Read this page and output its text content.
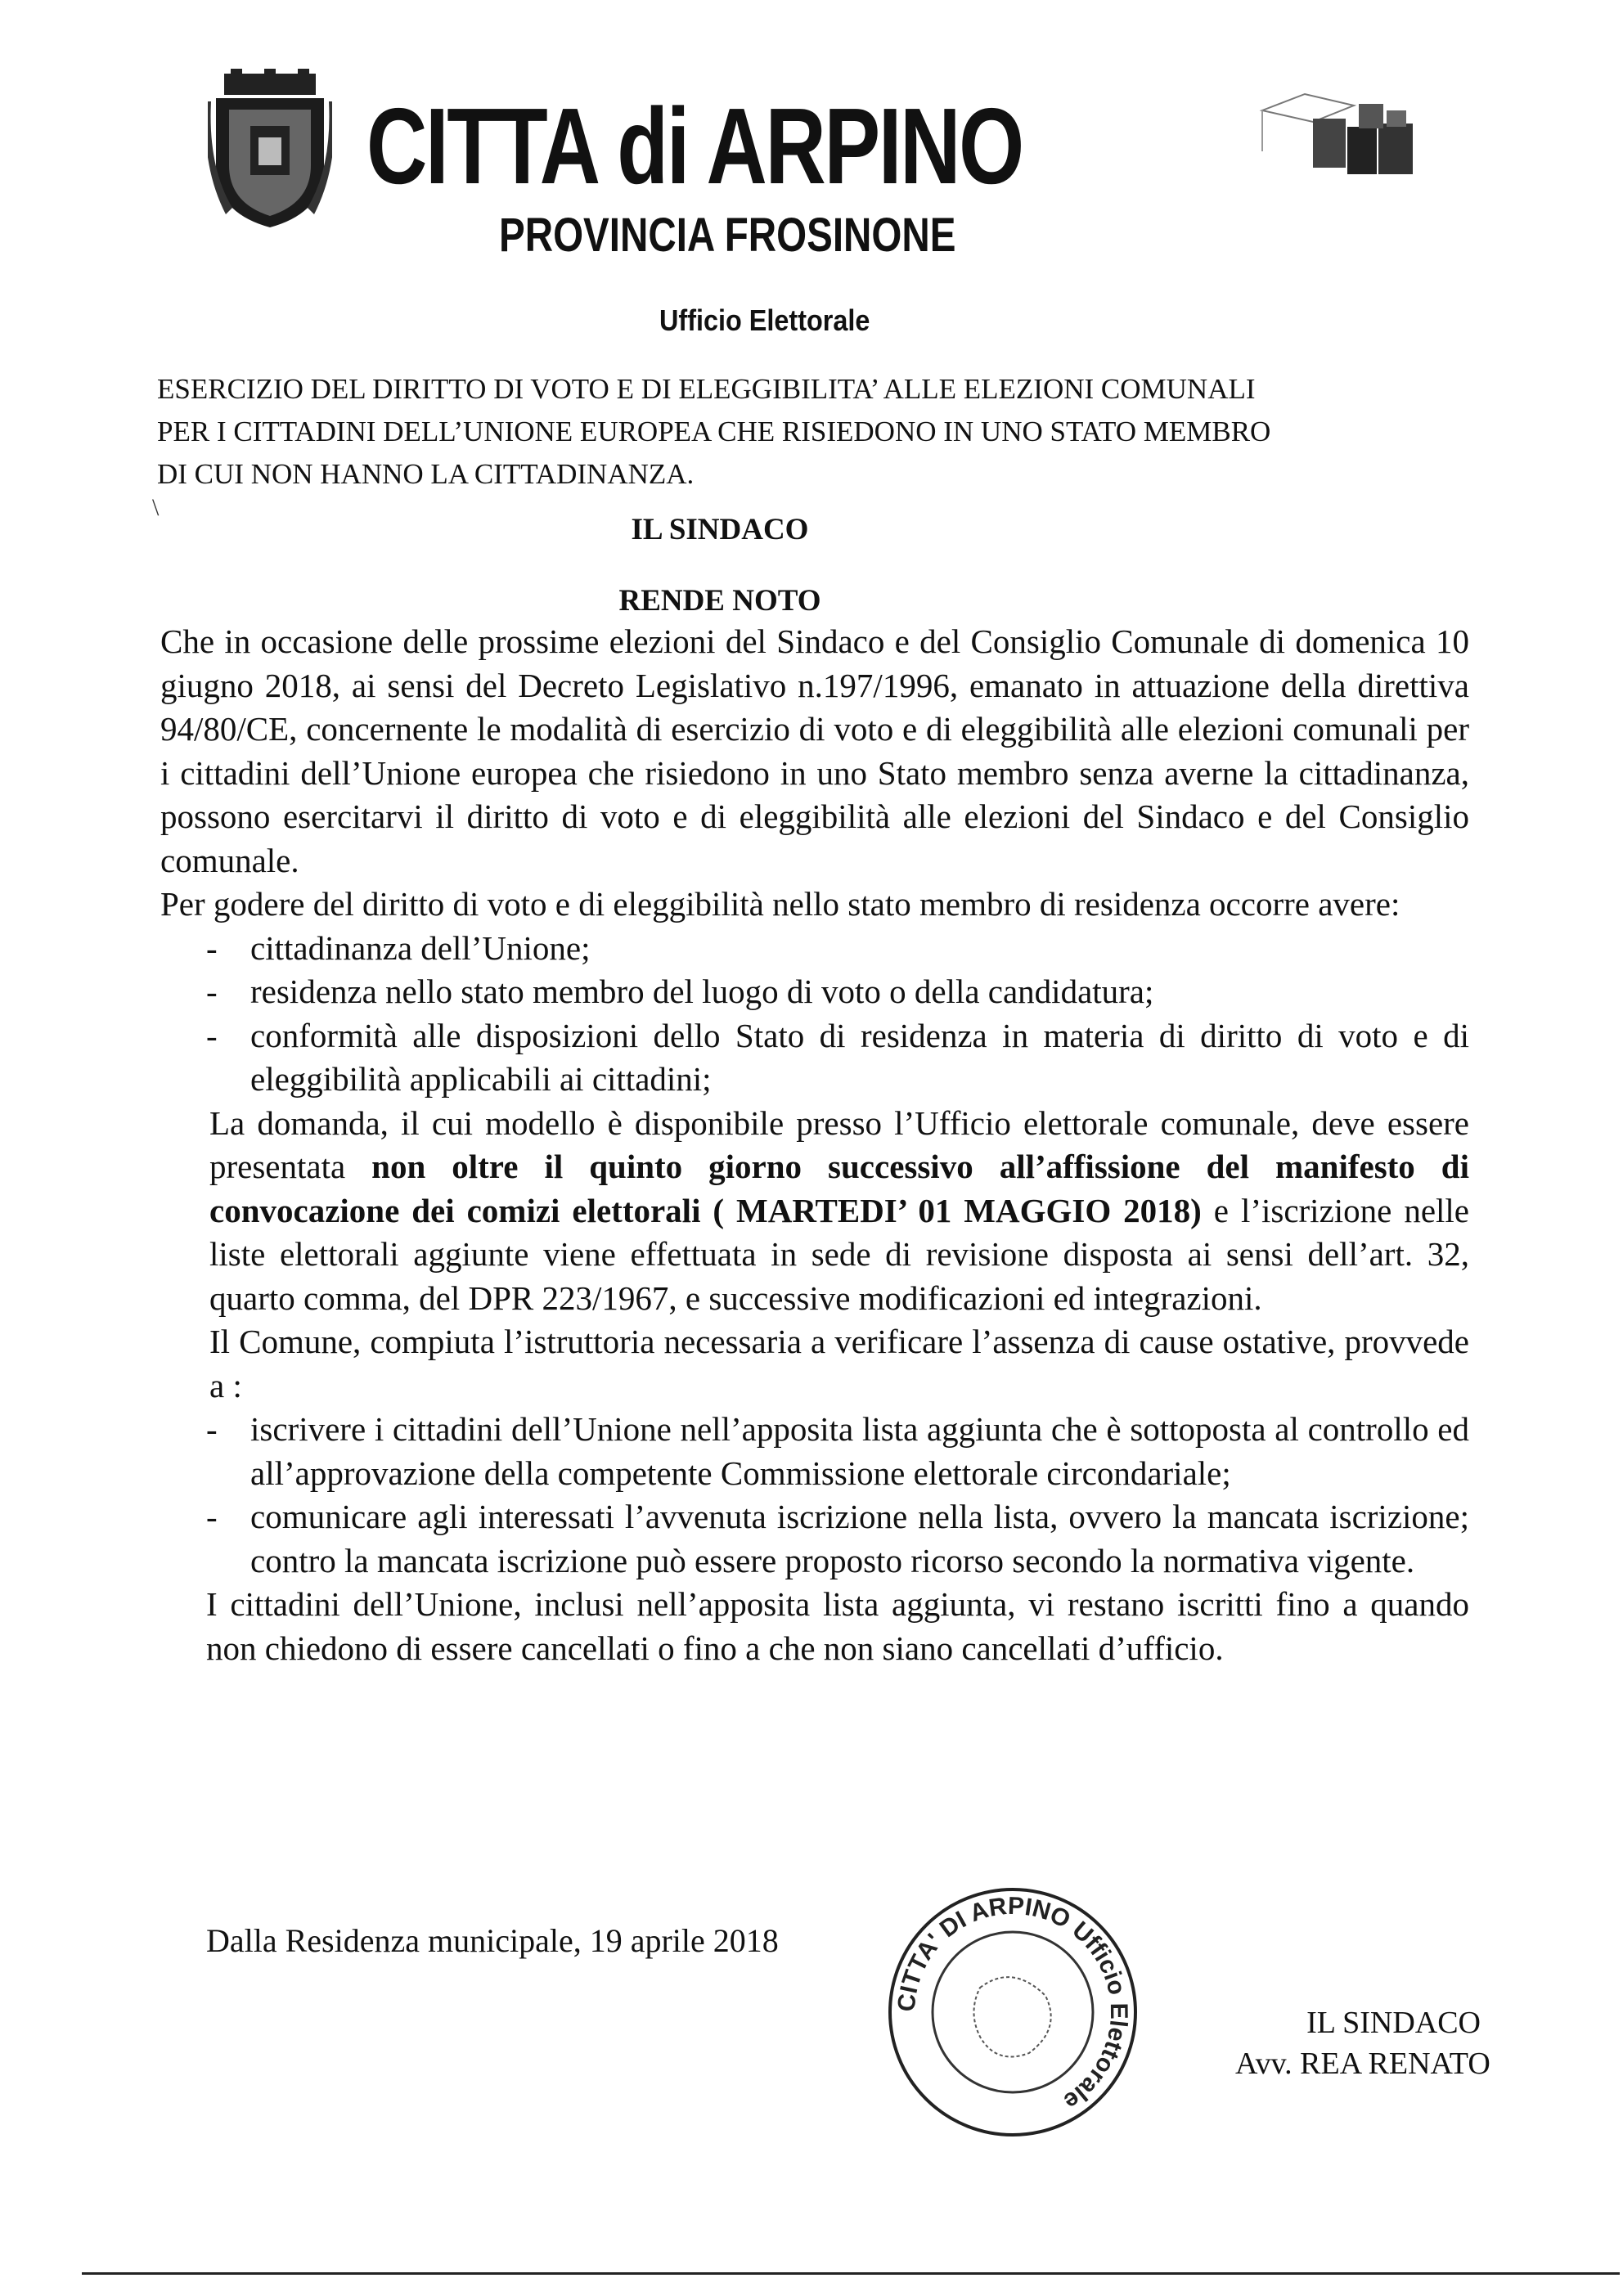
CITTA di ARPINO
PROVINCIA FROSINONE
Ufficio Elettorale
ESERCIZIO DEL DIRITTO DI VOTO E DI ELEGGIBILITA’ ALLE ELEZIONI COMUNALI
PER I CITTADINI DELL’UNIONE EUROPEA CHE RISIEDONO IN UNO STATO MEMBRO
DI CUI NON HANNO LA CITTADINANZA.
\
IL SINDACO
RENDE NOTO

Che in occasione delle prossime elezioni del Sindaco e del Consiglio Comunale di domenica 10 giugno 2018, ai sensi del Decreto Legislativo n.197/1996, emanato in attuazione della direttiva 94/80/CE, concernente le modalità di esercizio di voto e di eleggibilità alle elezioni comunali per i cittadini dell’Unione europea che risiedono in uno Stato membro senza averne la cittadinanza, possono esercitarvi il diritto di voto e di eleggibilità alle elezioni del Sindaco e del Consiglio comunale.

Per godere del diritto di voto e di eleggibilità nello stato membro di residenza occorre avere:

- cittadinanza dell’Unione;
- residenza nello stato membro del luogo di voto o della candidatura;
- conformità alle disposizioni dello Stato di residenza in materia di diritto di voto e di eleggibilità applicabili ai cittadini;

La domanda, il cui modello è disponibile presso l’Ufficio elettorale comunale, deve essere presentata non oltre il quinto giorno successivo all’affissione del manifesto di convocazione dei comizi elettorali ( MARTEDI’ 01 MAGGIO 2018) e l’iscrizione nelle liste elettorali aggiunte viene effettuata in sede di revisione disposta ai sensi dell’art. 32, quarto comma, del DPR 223/1967, e successive modificazioni ed integrazioni.

Il Comune, compiuta l’istruttoria necessaria a verificare l’assenza di cause ostative, provvede a :

- iscrivere i cittadini dell’Unione nell’apposita lista aggiunta che è sottoposta al controllo ed all’approvazione della competente Commissione elettorale circondariale;
- comunicare agli interessati l’avvenuta iscrizione nella lista, ovvero la mancata iscrizione; contro la mancata iscrizione può essere proposto ricorso secondo la normativa vigente.

I cittadini dell’Unione, inclusi nell’apposita lista aggiunta, vi restano iscritti fino a quando non chiedono di essere cancellati o fino a che non siano cancellati d’ufficio.

Dalla Residenza municipale, 19 aprile 2018
CITTA' DI ARPINO Ufficio Elettorale
IL SINDACO
Avv. REA RENATO
